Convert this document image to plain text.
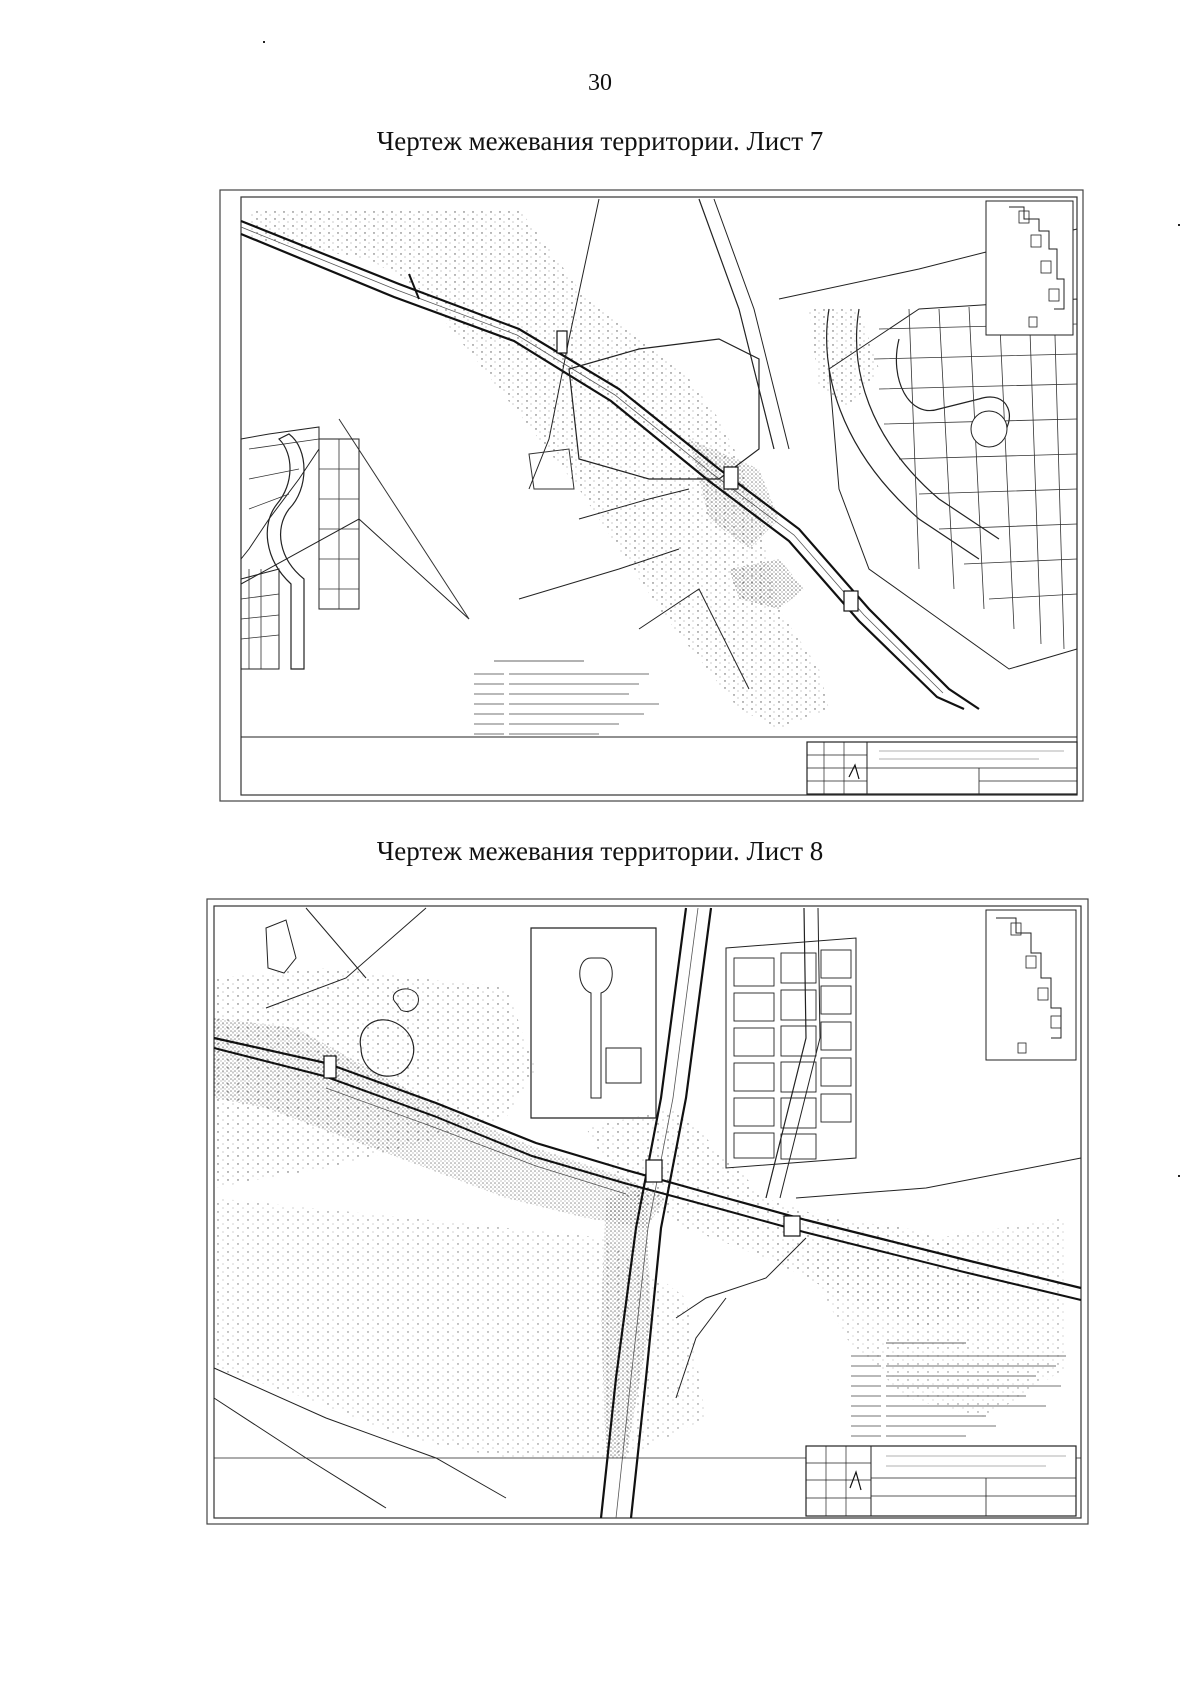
30
Чертеж межевания территории. Лист 7
Чертеж межевания территории. Лист 8
